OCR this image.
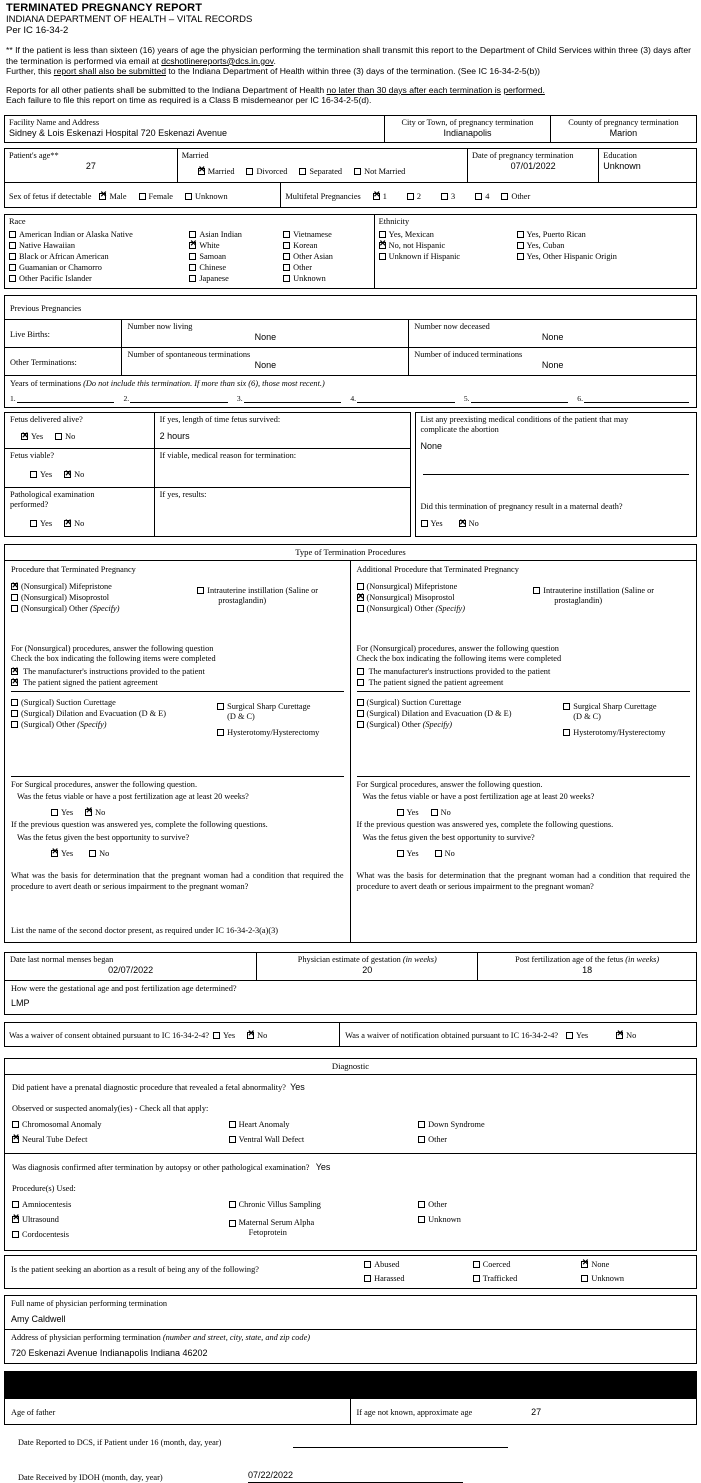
TERMINATED PREGNANCY REPORT
INDIANA DEPARTMENT OF HEALTH – VITAL RECORDS
Per IC 16-34-2

** If the patient is less than sixteen (16) years of age the physician performing the termination shall transmit this report to the Department of Child Services within three (3) days after the termination is performed via email at dcshotlinereports@dcs.in.gov.

Further, this report shall also be submitted to the Indiana Department of Health within three (3) days of the termination. (See IC 16-34-2-5(b))

Reports for all other patients shall be submitted to the Indiana Department of Health no later than 30 days after each termination is performed.

Each failure to file this report on time as required is a Class B misdemeanor per IC 16-34-2-5(d).

Facility Name and Address
Sidney & Lois Eskenazi Hospital 720 Eskenazi Avenue
City or Town, of pregnancy termination
Indianapolis
County of pregnancy termination
Marion
Patient's age**
27
Married
✕Married	Divorced	Separated	Not Married
Date of pregnancy termination
07/01/2022
Education
Unknown
Sex of fetus if detectable ✕ Male	Female	Unknown	Multifetal Pregnancies ✕	1	2	3	4	Other
Race
American Indian or Alaska Native
Native Hawaiian
Black or African American
Guamanian or Chamorro
Other Pacific Islander
Asian Indian
✕White
Samoan
Chinese
Japanese
Vietnamese
Korean
Other Asian
Other
Unknown
Ethnicity
Yes, Mexican
✕No, not Hispanic
Unknown if Hispanic
Yes, Puerto Rican
Yes, Cuban
Yes, Other Hispanic Origin
Previous Pregnancies
Live Births:
Number now living
None
Number now deceased
None
Other Terminations:
Number of spontaneous terminations
None
Number of induced terminations
None
Years of terminations (Do not include this termination. If more than six (6), those most recent.)
1.	2.	3.	4.	5.	6.
Fetus delivered alive?
✕Yes	No
If yes, length of time fetus survived:
2 hours
Fetus viable?
Yes ✕	No
If viable, medical reason for termination:
Pathological examination
performed?
Yes ✕	No
If yes, results:
List any preexisting medical conditions of the patient that may
complicate the abortion
None
Did this termination of pregnancy result in a maternal death?
Yes ✕	No
Type of Termination Procedures
Procedure that Terminated Pregnancy
✕(Nonsurgical) Mifepristone
(Nonsurgical) Misoprostol
(Nonsurgical) Other (Specify)
Intrauterine instillation (Saline or
prostaglandin)
For (Nonsurgical) procedures, answer the following question
Check the box indicating the following items were completed
✕ The manufacturer's instructions provided to the patient
✕ The patient signed the patient agreement
(Surgical) Suction Curettage
(Surgical) Dilation and Evacuation (D & E)
(Surgical) Other (Specify)
Surgical Sharp Curettage
(D & C)
Hysterotomy/Hysterectomy
For Surgical procedures, answer the following question.
Was the fetus viable or have a post fertilization age at least 20 weeks?
Yes ✕	No
If the previous question was answered yes, complete the following questions.
Was the fetus given the best opportunity to survive?
✕Yes	No
What was the basis for determination that the pregnant woman had a condition that required the procedure to avert death or serious impairment to the pregnant woman?
List the name of the second doctor present, as required under IC 16-34-2-3(a)(3)
Additional Procedure that Terminated Pregnancy
(Nonsurgical) Mifepristone
✕(Nonsurgical) Misoprostol
(Nonsurgical) Other (Specify)
Intrauterine instillation (Saline or
prostaglandin)
For (Nonsurgical) procedures, answer the following question
Check the box indicating the following items were completed
The manufacturer's instructions provided to the patient
The patient signed the patient agreement
(Surgical) Suction Curettage
(Surgical) Dilation and Evacuation (D & E)
(Surgical) Other (Specify)
Surgical Sharp Curettage
(D & C)
Hysterotomy/Hysterectomy
For Surgical procedures, answer the following question.
Was the fetus viable or have a post fertilization age at least 20 weeks?
Yes	No
If the previous question was answered yes, complete the following questions.
Was the fetus given the best opportunity to survive?
Yes	No
What was the basis for determination that the pregnant woman had a condition that required the procedure to avert death or serious impairment to the pregnant woman?
Date last normal menses began
02/07/2022
Physician estimate of gestation (in weeks)
20
Post fertilization age of the fetus (in weeks)
18
How were the gestational age and post fertilization age determined?
LMP
Was a waiver of consent obtained pursuant to IC 16-34-2-4? Yes ✕	No	Was a waiver of notification obtained pursuant to IC 16-34-2-4? Yes ✕	No
Diagnostic
Did patient have a prenatal diagnostic procedure that revealed a fetal abnormality? Yes
Observed or suspected anomaly(ies) - Check all that apply:
Chromosomal Anomaly
✕Neural Tube Defect
Heart Anomaly
Ventral Wall Defect
Down Syndrome
Other
Was diagnosis confirmed after termination by autopsy or other pathological examination? Yes
Procedure(s) Used:
Amniocentesis
✕Ultrasound
Cordocentesis
Chronic Villus Sampling
Maternal Serum Alpha
Fetoprotein
Other
Unknown
Is the patient seeking an abortion as a result of being any of the following?
Abused
Harassed
Coerced
Trafficked
✕None
Unknown
Full name of physician performing termination
Amy Caldwell
Address of physician performing termination (number and street, city, state, and zip code)
720 Eskenazi Avenue Indianapolis Indiana 46202
Age of father	If age not known, approximate age	27
Date Reported to DCS, if Patient under 16 (month, day, year)
Date Received by IDOH (month, day, year)	07/22/2022
